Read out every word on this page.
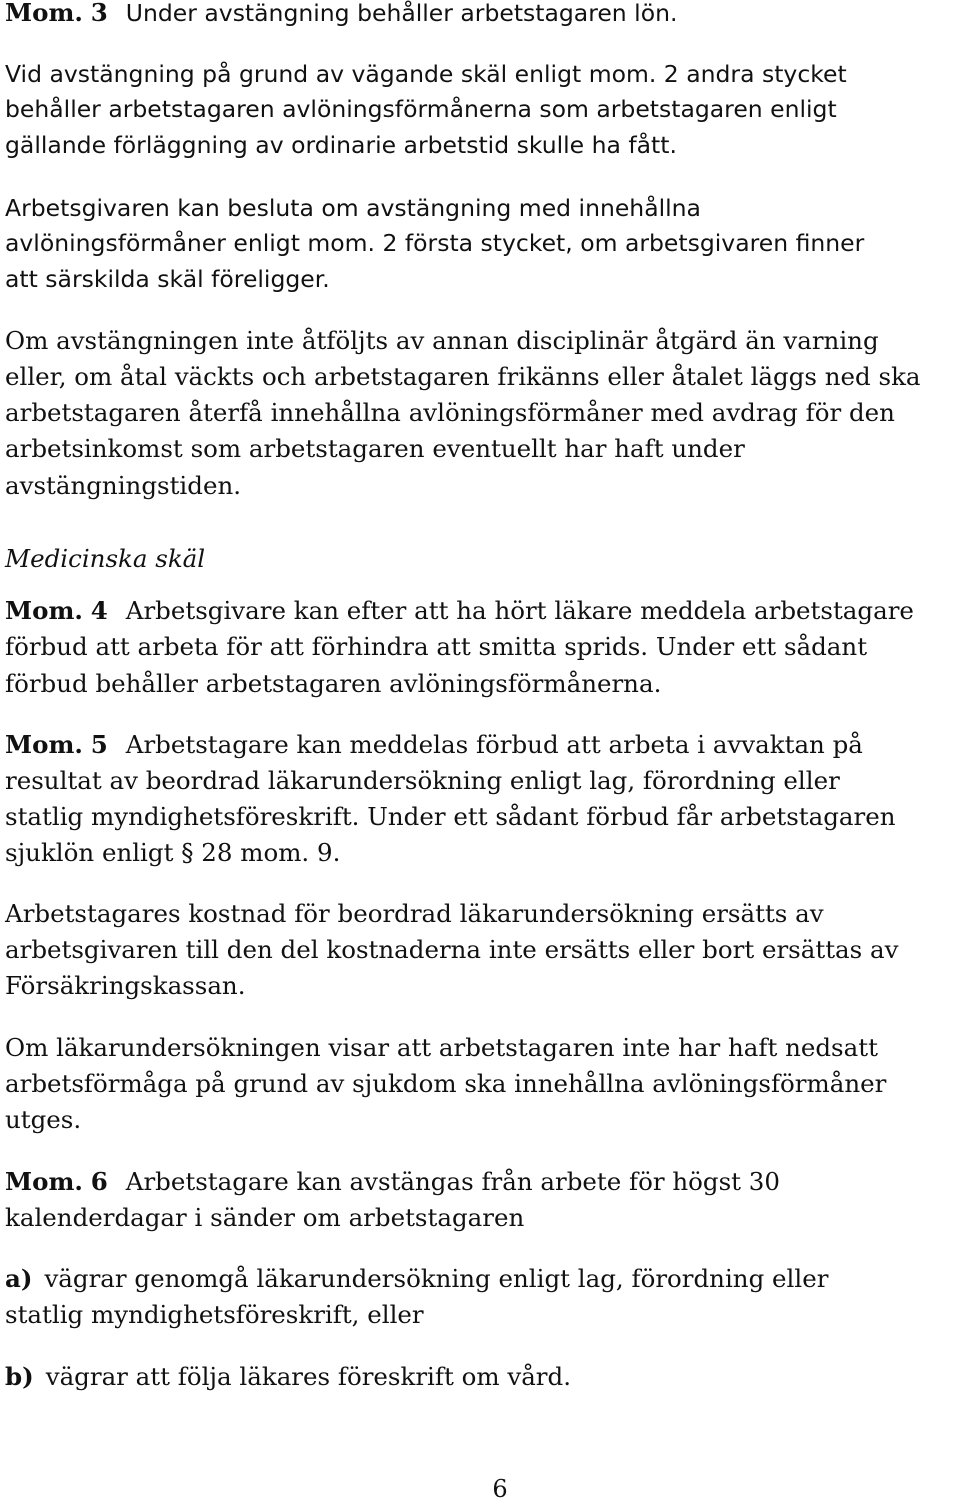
Mom. 3 Under avstängning behåller arbetstagaren lön.
Vid avstängning på grund av vägande skäl enligt mom. 2 andra stycket
behåller arbetstagaren avlöningsförmånerna som arbetstagaren enligt
gällande förläggning av ordinarie arbetstid skulle ha fått.
Arbetsgivaren kan besluta om avstängning med innehållna
avlöningsförmåner enligt mom. 2 första stycket, om arbetsgivaren finner
att särskilda skäl föreligger.
Om avstängningen inte åtföljts av annan disciplinär åtgärd än varning
eller, om åtal väckts och arbetstagaren frikänns eller åtalet läggs ned ska
arbetstagaren återfå innehållna avlöningsförmåner med avdrag för den
arbetsinkomst som arbetstagaren eventuellt har haft under
avstängningstiden.
Medicinska skäl
Mom. 4 Arbetsgivare kan efter att ha hört läkare meddela arbetstagare
förbud att arbeta för att förhindra att smitta sprids. Under ett sådant
förbud behåller arbetstagaren avlöningsförmånerna.
Mom. 5 Arbetstagare kan meddelas förbud att arbeta i avvaktan på
resultat av beordrad läkarundersökning enligt lag, förordning eller
statlig myndighetsföreskrift. Under ett sådant förbud får arbetstagaren
sjuklön enligt § 28 mom. 9.
Arbetstagares kostnad för beordrad läkarundersökning ersätts av
arbetsgivaren till den del kostnaderna inte ersätts eller bort ersättas av
Försäkringskassan.
Om läkarundersökningen visar att arbetstagaren inte har haft nedsatt
arbetsförmåga på grund av sjukdom ska innehållna avlöningsförmåner
utges.
Mom. 6 Arbetstagare kan avstängas från arbete för högst 30
kalenderdagar i sänder om arbetstagaren
a) vägrar genomgå läkarundersökning enligt lag, förordning eller
statlig myndighetsföreskrift, eller
b) vägrar att följa läkares föreskrift om vård.
6
